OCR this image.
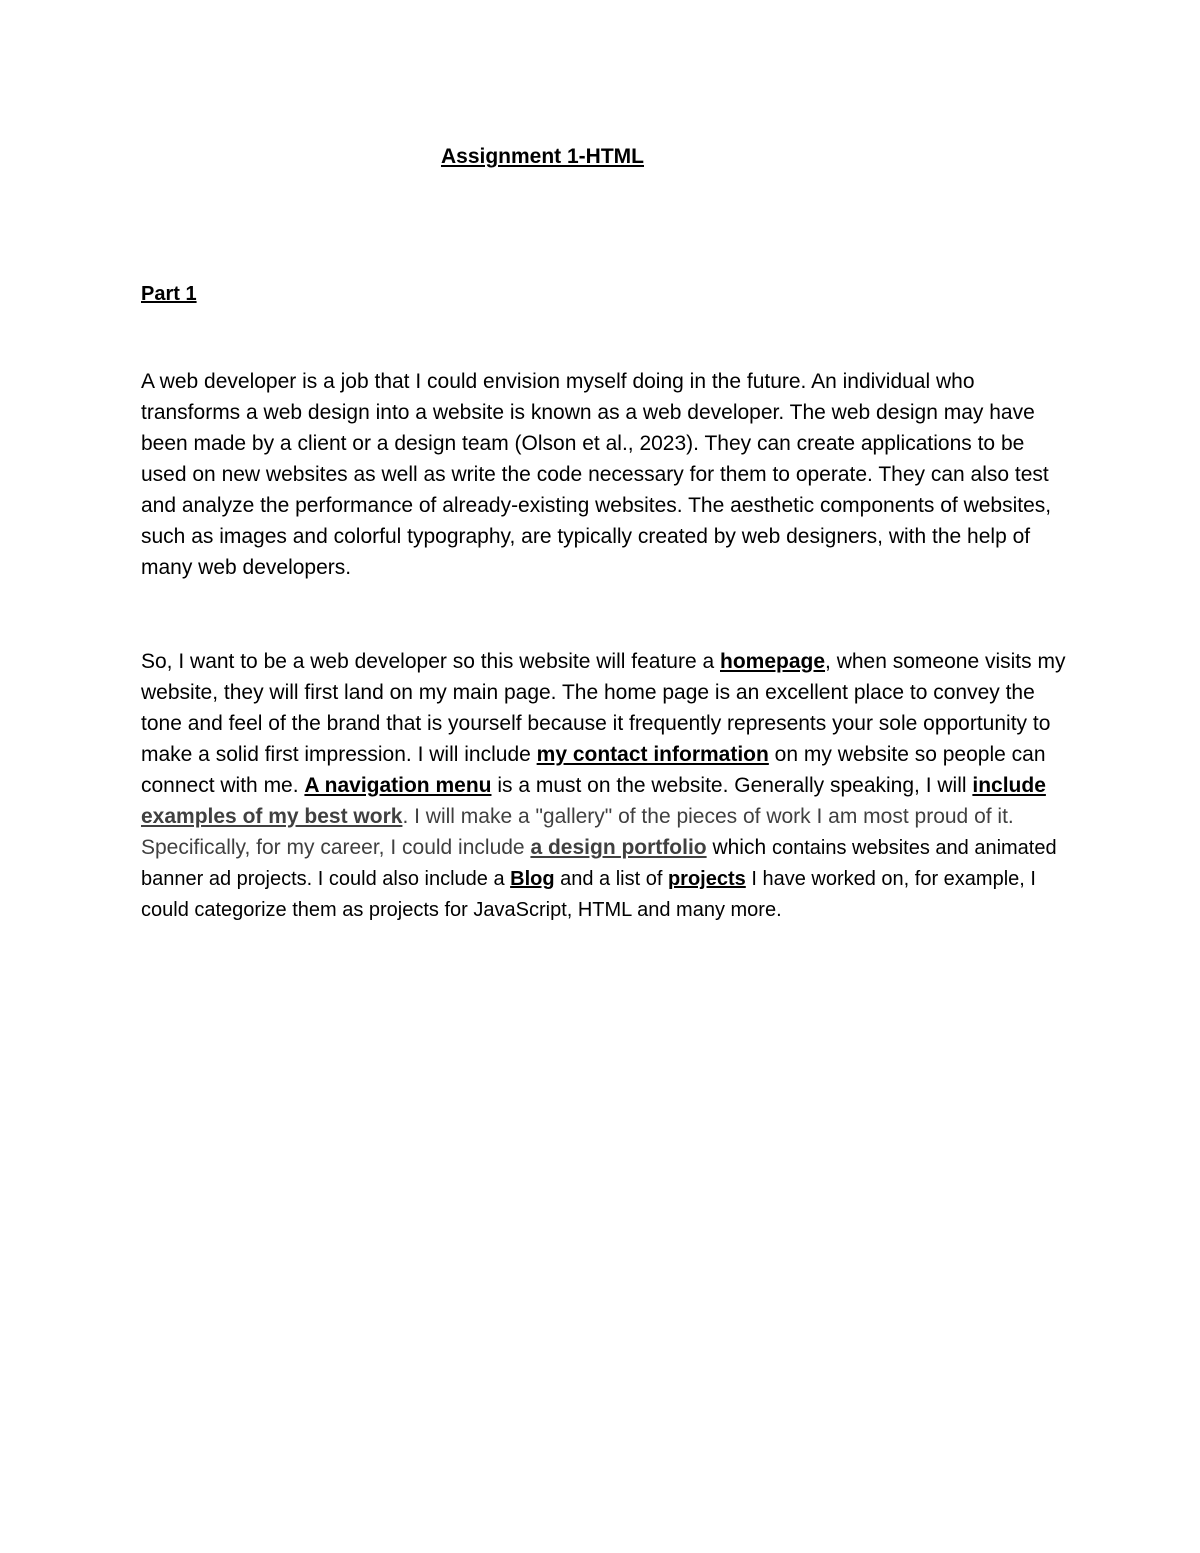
Assignment 1-HTML
Part 1
A web developer is a job that I could envision myself doing in the future. An individual who transforms a web design into a website is known as a web developer. The web design may have been made by a client or a design team (Olson et al., 2023). They can create applications to be used on new websites as well as write the code necessary for them to operate. They can also test and analyze the performance of already-existing websites. The aesthetic components of websites, such as images and colorful typography, are typically created by web designers, with the help of many web developers.
So, I want to be a web developer so this website will feature a homepage, when someone visits my website, they will first land on my main page. The home page is an excellent place to convey the tone and feel of the brand that is yourself because it frequently represents your sole opportunity to make a solid first impression. I will include my contact information on my website so people can connect with me. A navigation menu is a must on the website. Generally speaking, I will include examples of my best work. I will make a "gallery" of the pieces of work I am most proud of it. Specifically, for my career, I could include a design portfolio which contains websites and animated banner ad projects. I could also include a Blog and a list of projects I have worked on, for example, I could categorize them as projects for JavaScript, HTML and many more.
